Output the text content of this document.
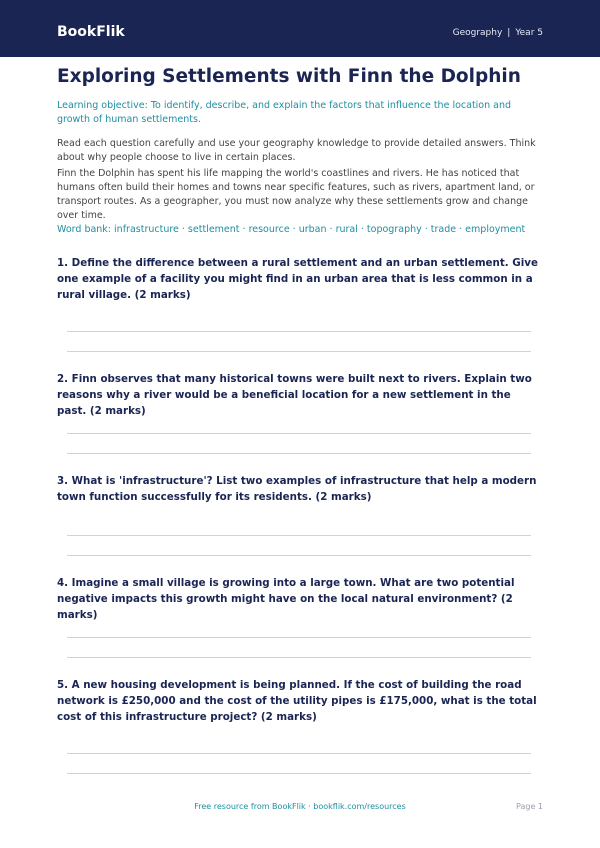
BookFlik	Geography | Year 5
Exploring Settlements with Finn the Dolphin

Learning objective: To identify, describe, and explain the factors that influence the location and growth of human settlements.

Read each question carefully and use your geography knowledge to provide detailed answers. Think about why people choose to live in certain places.

Finn the Dolphin has spent his life mapping the world's coastlines and rivers. He has noticed that humans often build their homes and towns near specific features, such as rivers, apartment land, or transport routes. As a geographer, you must now analyze why these settlements grow and change over time.

Word bank: infrastructure · settlement · resource · urban · rural · topography · trade · employment

1. Define the difference between a rural settlement and an urban settlement. Give one example of a facility you might find in an urban area that is less common in a rural village. (2 marks)

2. Finn observes that many historical towns were built next to rivers. Explain two reasons why a river would be a beneficial location for a new settlement in the past. (2 marks)

3. What is 'infrastructure'? List two examples of infrastructure that help a modern town function successfully for its residents. (2 marks)

4. Imagine a small village is growing into a large town. What are two potential negative impacts this growth might have on the local natural environment? (2 marks)

5. A new housing development is being planned. If the cost of building the road network is £250,000 and the cost of the utility pipes is £175,000, what is the total cost of this infrastructure project? (2 marks)

Free resource from BookFlik · bookflik.com/resources	Page 1
